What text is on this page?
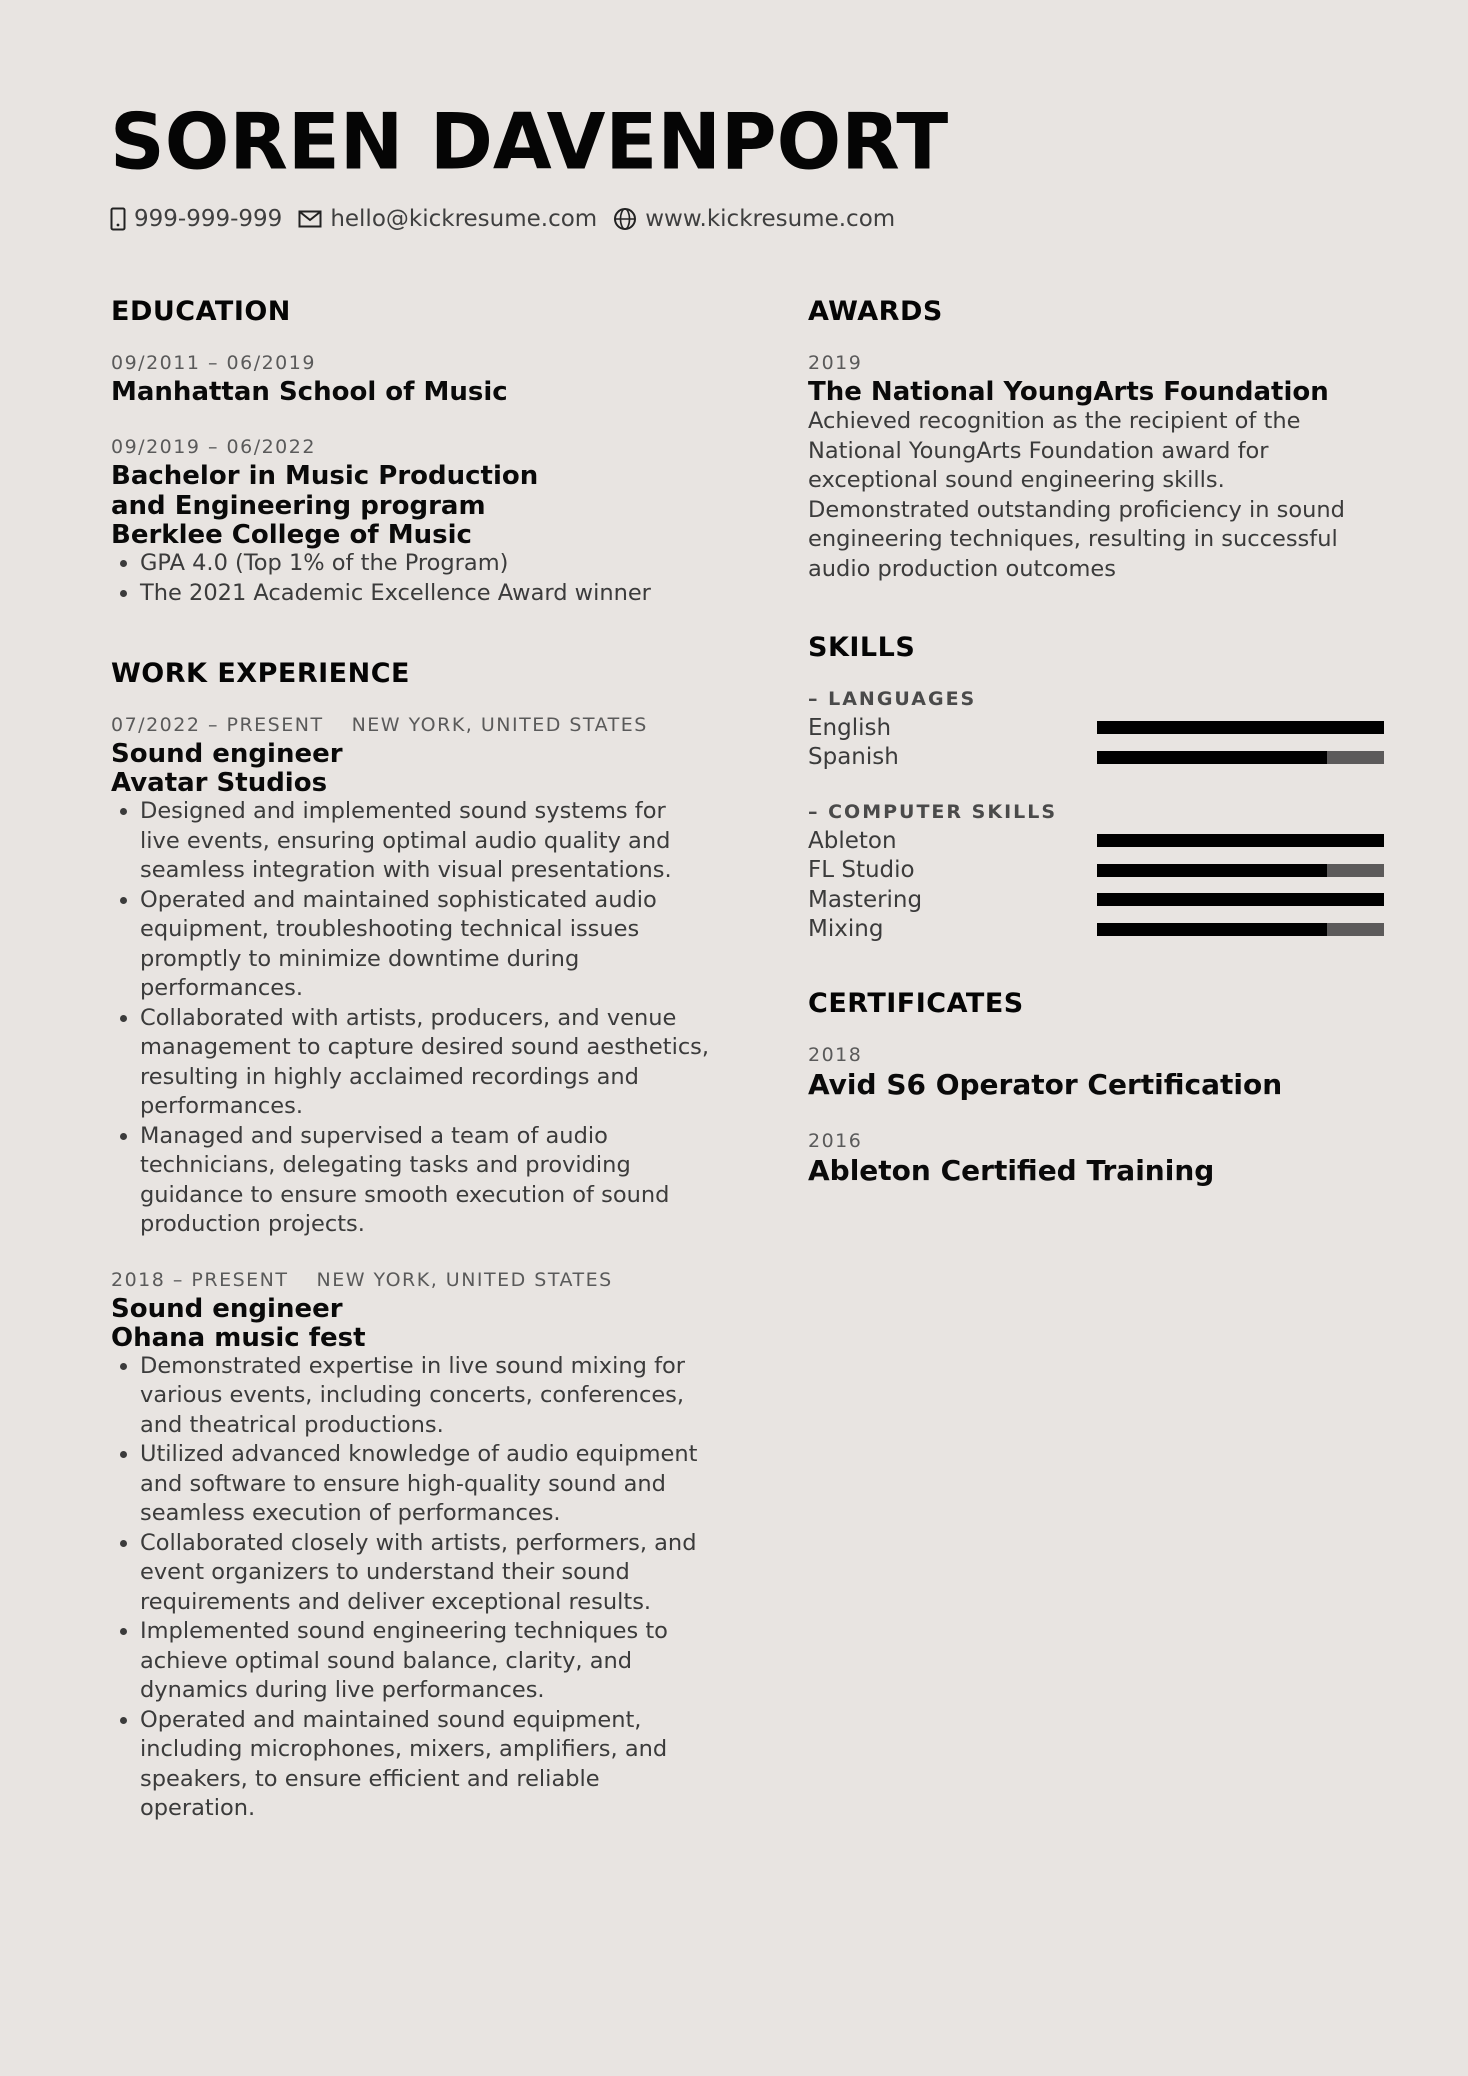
SOREN DAVENPORT
999-999-999 hello@kickresume.com www.kickresume.com
EDUCATION
09/2011 – 06/2019
Manhattan School of Music
09/2019 – 06/2022
Bachelor in Music Production and Engineering program
Berklee College of Music
• GPA 4.0 (Top 1% of the Program)
• The 2021 Academic Excellence Award winner
WORK EXPERIENCE
07/2022 – PRESENT NEW YORK, UNITED STATES
Sound engineer
Avatar Studios
• Designed and implemented sound systems for live events, ensuring optimal audio quality and seamless integration with visual presentations.
• Operated and maintained sophisticated audio equipment, troubleshooting technical issues promptly to minimize downtime during performances.
• Collaborated with artists, producers, and venue management to capture desired sound aesthetics, resulting in highly acclaimed recordings and performances.
• Managed and supervised a team of audio technicians, delegating tasks and providing guidance to ensure smooth execution of sound production projects.
2018 – PRESENT NEW YORK, UNITED STATES
Sound engineer
Ohana music fest
• Demonstrated expertise in live sound mixing for various events, including concerts, conferences, and theatrical productions.
• Utilized advanced knowledge of audio equipment and software to ensure high-quality sound and seamless execution of performances.
• Collaborated closely with artists, performers, and event organizers to understand their sound requirements and deliver exceptional results.
• Implemented sound engineering techniques to achieve optimal sound balance, clarity, and dynamics during live performances.
• Operated and maintained sound equipment, including microphones, mixers, amplifiers, and speakers, to ensure efficient and reliable operation.
AWARDS
2019
The National YoungArts Foundation
Achieved recognition as the recipient of the National YoungArts Foundation award for exceptional sound engineering skills. Demonstrated outstanding proficiency in sound engineering techniques, resulting in successful audio production outcomes
SKILLS
– LANGUAGES
English
Spanish
– COMPUTER SKILLS
Ableton
FL Studio
Mastering
Mixing
CERTIFICATES
2018
Avid S6 Operator Certification
2016
Ableton Certified Training
